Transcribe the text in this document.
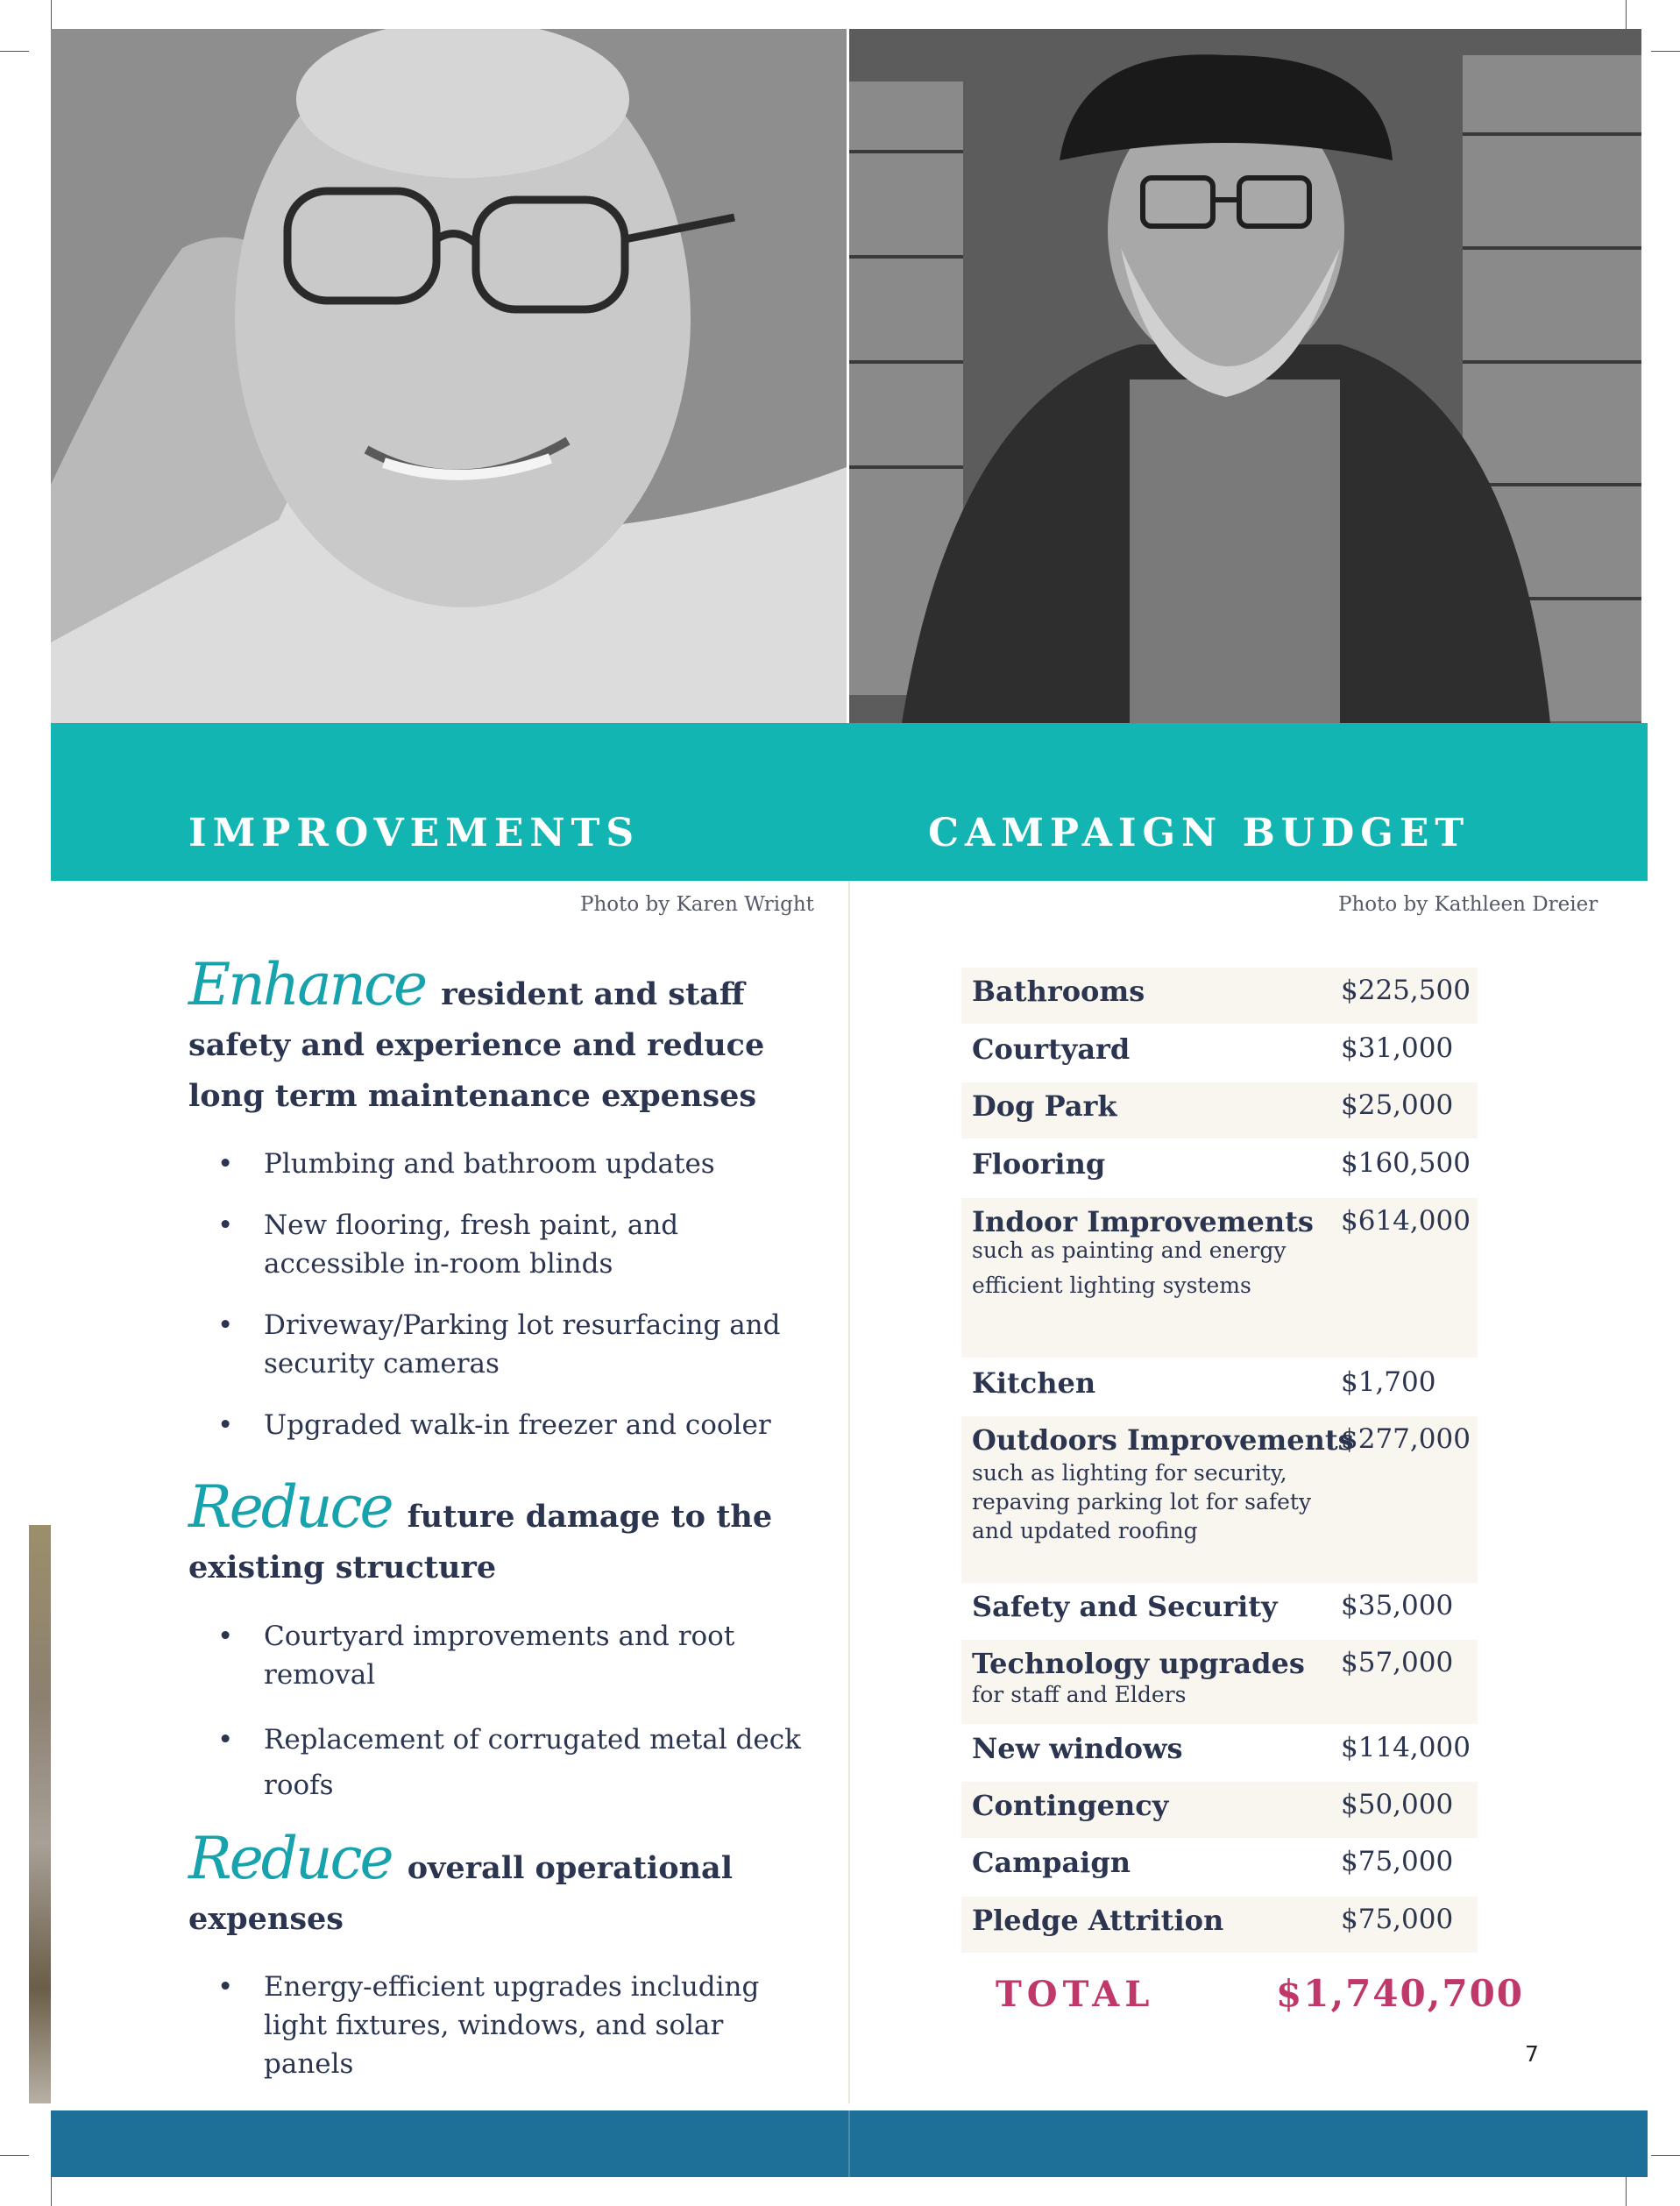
IMPROVEMENTS	CAMPAIGN BUDGET
Photo by Karen Wright	Photo by Kathleen Dreier
Enhance resident and staff safety and experience and reduce long term maintenance expenses
• Plumbing and bathroom updates
• New flooring, fresh paint, and accessible in-room blinds
• Driveway/Parking lot resurfacing and security cameras
• Upgraded walk-in freezer and cooler
Reduce future damage to the existing structure
• Courtyard improvements and root removal
• Replacement of corrugated metal deck roofs
Reduce overall operational expenses
• Energy-efficient upgrades including light fixtures, windows, and solar panels
Bathrooms	$225,500
Courtyard	$31,000
Dog Park	$25,000
Flooring	$160,500
Indoor Improvements $614,000
such as painting and energy efficient lighting systems
Kitchen	$1,700
Outdoors Improvements
$277,000
such as lighting for security, repaving parking lot for safety and updated roofing
Safety and Security $35,000
Technology upgrades $57,000
for staff and Elders
New windows	$114,000
Contingency	$50,000
Campaign	$75,000
Pledge Attrition	$75,000
TOTAL	$1,740,700
7
